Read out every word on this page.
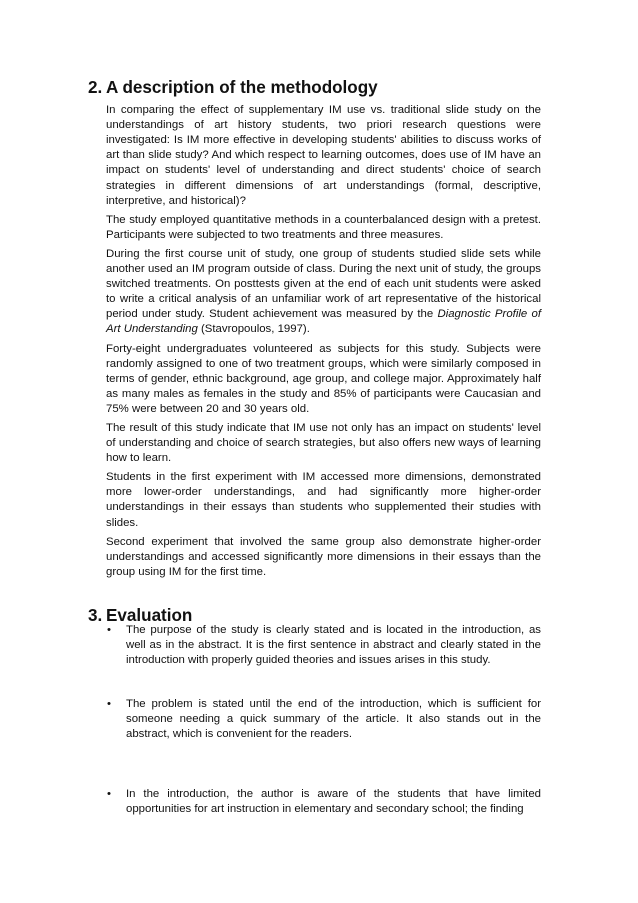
2. A description of the methodology

In comparing the effect of supplementary IM use vs. traditional slide study on the understandings of art history students, two priori research questions were investigated: Is IM more effective in developing students' abilities to discuss works of art than slide study? And which respect to learning outcomes, does use of IM have an impact on students' level of understanding and direct students' choice of search strategies in different dimensions of art understandings (formal, descriptive, interpretive, and historical)?

The study employed quantitative methods in a counterbalanced design with a pretest. Participants were subjected to two treatments and three measures.

During the first course unit of study, one group of students studied slide sets while another used an IM program outside of class. During the next unit of study, the groups switched treatments. On posttests given at the end of each unit students were asked to write a critical analysis of an unfamiliar work of art representative of the historical period under study. Student achievement was measured by the Diagnostic Profile of Art Understanding (Stavropoulos, 1997).

Forty-eight undergraduates volunteered as subjects for this study. Subjects were randomly assigned to one of two treatment groups, which were similarly composed in terms of gender, ethnic background, age group, and college major. Approximately half as many males as females in the study and 85% of participants were Caucasian and 75% were between 20 and 30 years old.

The result of this study indicate that IM use not only has an impact on students' level of understanding and choice of search strategies, but also offers new ways of learning how to learn.

Students in the first experiment with IM accessed more dimensions, demonstrated more lower-order understandings, and had significantly more higher-order understandings in their essays than students who supplemented their studies with slides.

Second experiment that involved the same group also demonstrate higher-order understandings and accessed significantly more dimensions in their essays than the group using IM for the first time.

3. Evaluation
•	The purpose of the study is clearly stated and is located in the introduction, as well as in the abstract. It is the first sentence in abstract and clearly stated in the introduction with properly guided theories and issues arises in this study.
•	The problem is stated until the end of the introduction, which is sufficient for someone needing a quick summary of the article. It also stands out in the abstract, which is convenient for the readers.
•	In the introduction, the author is aware of the students that have limited opportunities for art instruction in elementary and secondary school; the finding
